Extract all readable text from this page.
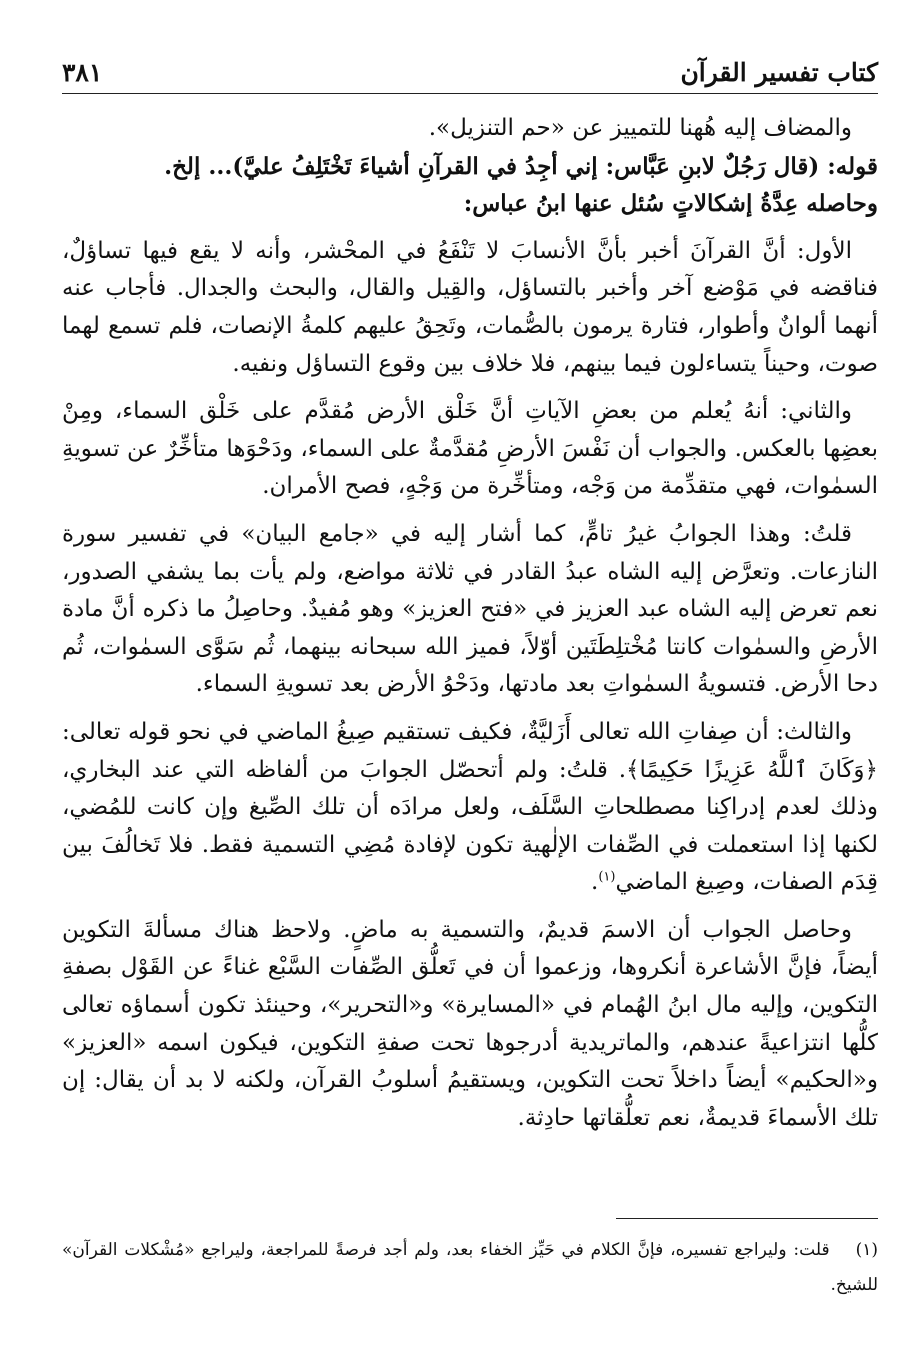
كتاب تفسير القرآن
٣٨١

والمضاف إليه هُهنا للتمييز عن «حم التنزيل».

قوله: (قال رَجُلٌ لابنِ عَبَّاس: إني أجِدُ في القرآنِ أشياءَ تَخْتَلِفُ عليَّ)... إلخ.

وحاصله عِدَّةُ إشكالاتٍ سُئل عنها ابنُ عباس:

الأول: أنَّ القرآنَ أخبر بأنَّ الأنسابَ لا تَنْفَعُ في المحْشر، وأنه لا يقع فيها تساؤلٌ، فناقضه في مَوْضع آخر وأخبر بالتساؤل، والقِيل والقال، والبحث والجدال. فأجاب عنه أنهما ألوانٌ وأطوار، فتارة يرمون بالصُّمات، وتَحِقُ عليهم كلمةُ الإنصات، فلم تسمع لهما صوت، وحيناً يتساءلون فيما بينهم، فلا خلاف بين وقوع التساؤل ونفيه.

والثاني: أنهُ يُعلم من بعضِ الآياتِ أنَّ خَلْق الأرض مُقدَّم على خَلْق السماء، ومِنْ بعضِها بالعكس. والجواب أن نَفْسَ الأرضِ مُقدَّمةٌ على السماء، ودَحْوَها متأخِّرٌ عن تسويةِ السمٰوات، فهي متقدِّمة من وَجْه، ومتأخِّرة من وَجْهٍ، فصح الأمران.

قلتُ: وهذا الجوابُ غيرُ تامٍّ، كما أشار إليه في «جامع البيان» في تفسير سورة النازعات. وتعرَّض إليه الشاه عبدُ القادر في ثلاثة مواضع، ولم يأت بما يشفي الصدور، نعم تعرض إليه الشاه عبد العزيز في «فتح العزيز» وهو مُفيدٌ. وحاصِلُ ما ذكره أنَّ مادة الأرضِ والسمٰوات كانتا مُخْتلِطَتَين أوّلاً، فميز الله سبحانه بينهما، ثُم سَوَّى السمٰوات، ثُم دحا الأرض. فتسويةُ السمٰواتِ بعد مادتها، ودَحْوُ الأرض بعد تسويةِ السماء.

والثالث: أن صِفاتِ الله تعالى أَزَليَّةٌ، فكيف تستقيم صِيغُ الماضي في نحو قوله تعالى: ﴿وَكَانَ ٱللَّهُ عَزِيزًا حَكِيمًا﴾. قلتُ: ولم أتحصّل الجوابَ من ألفاظه التي عند البخاري، وذلك لعدم إدراكِنا مصطلحاتِ السَّلَف، ولعل مرادَه أن تلك الصِّيغ وإن كانت للمُضي، لكنها إذا استعملت في الصِّفات الإلٰهية تكون لإفادة مُضِي التسمية فقط. فلا تَخالُفَ بين قِدَم الصفات، وصِيغ الماضي$^{(١)}$.

وحاصل الجواب أن الاسمَ قديمٌ، والتسمية به ماضٍ. ولاحظ هناك مسألةَ التكوين أيضاً، فإنَّ الأشاعرة أنكروها، وزعموا أن في تَعلُّق الصِّفات السَّبْع غناءً عن القَوْل بصفةِ التكوين، وإليه مال ابنُ الهُمام في «المسايرة» و«التحرير»، وحينئذ تكون أسماؤه تعالى كلُّها انتزاعيةً عندهم، والماتريدية أدرجوها تحت صفةِ التكوين، فيكون اسمه «العزيز» و«الحكيم» أيضاً داخلاً تحت التكوين، ويستقيمُ أسلوبُ القرآن، ولكنه لا بد أن يقال: إن تلك الأسماءَ قديمةٌ، نعم تعلُّقاتها حادِثة.

(١)قلت: وليراجع تفسيره، فإنَّ الكلام في حَيِّز الخفاء بعد، ولم أجد فرصةً للمراجعة، وليراجع «مُشْكلات القرآن» للشيخ.
